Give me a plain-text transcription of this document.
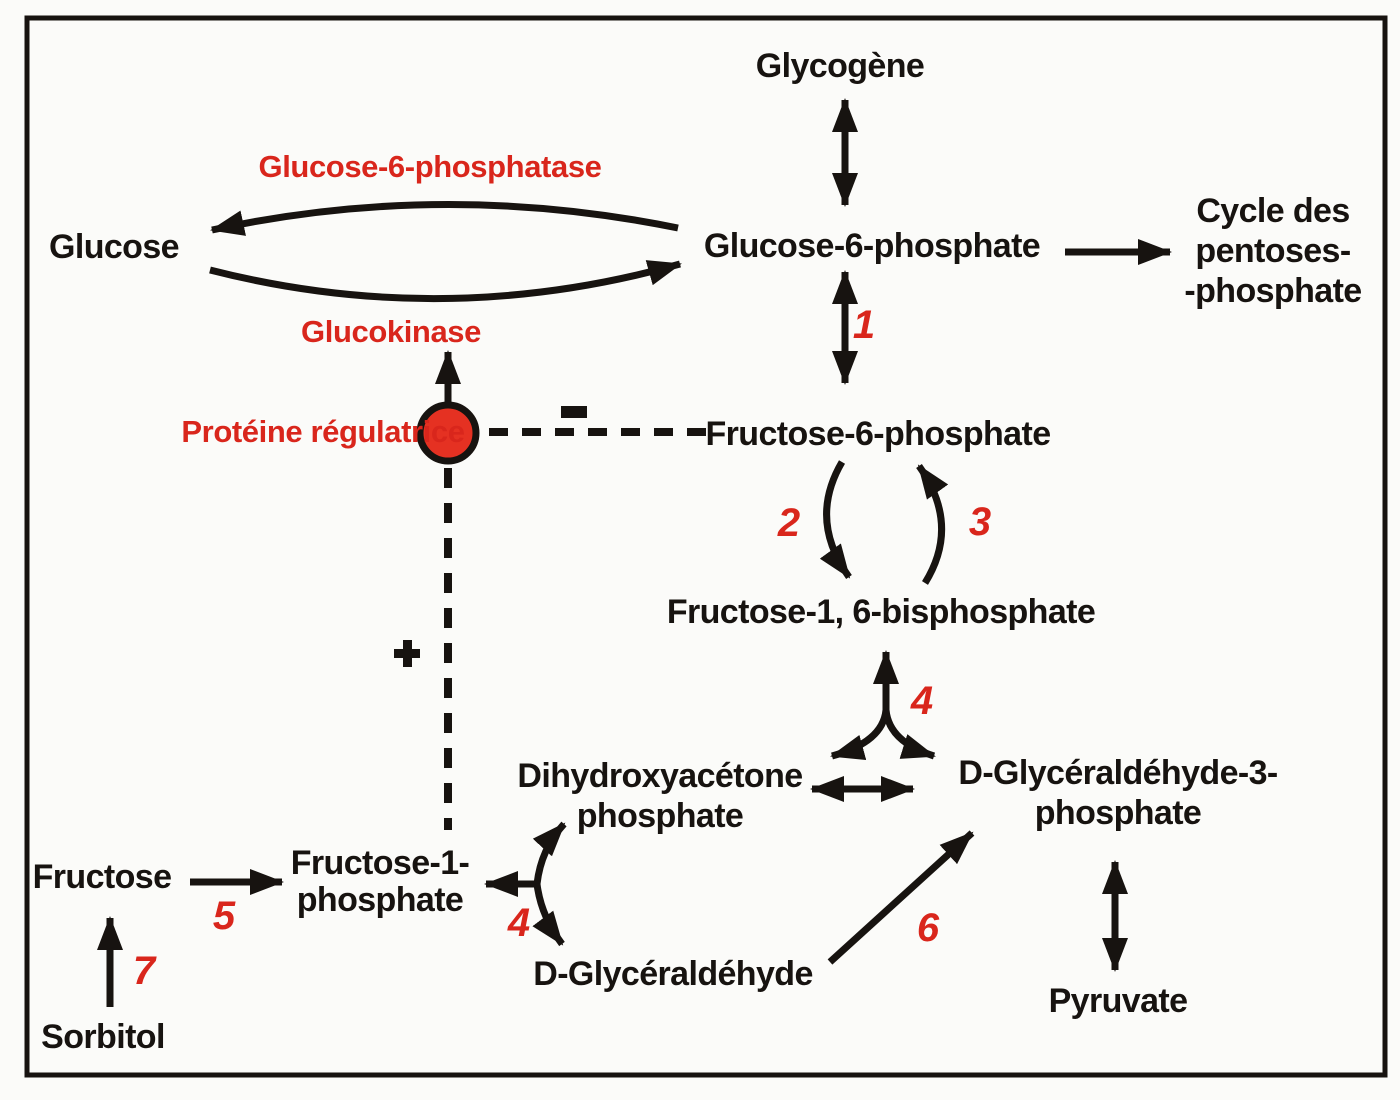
Glycogène
Glucose-6-phosphate
Cycle des
pentoses-
-phosphate
Glucose
Fructose-6-phosphate
Fructose-1, 6-bisphosphate
Dihydroxyacétone
phosphate
D-Glycéraldéhyde-3-
phosphate
Fructose-1-
phosphate
Fructose
D-Glycéraldéhyde
Pyruvate
Sorbitol
Glucose-6-phosphatase
Glucokinase
Protéine régulatrice
1
2	3
4
4
5	6
7
